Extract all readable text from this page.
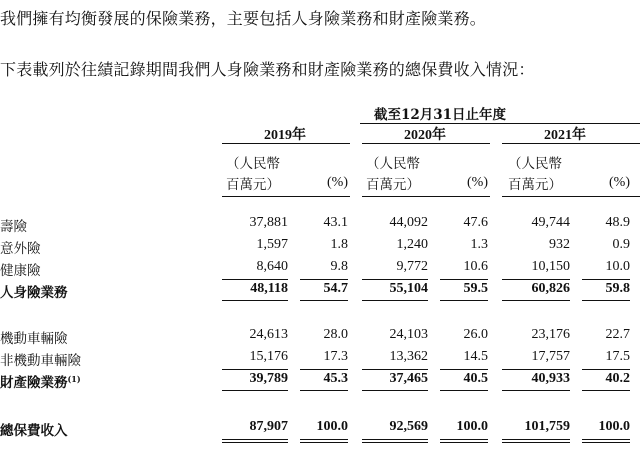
我們擁有均衡發展的保險業務，主要包括人身險業務和財產險業務。
下表載列於往績記錄期間我們人身險業務和財產險業務的總保費收入情況：
截至12月31日止年度
2019年	2020年	2021年
（人民幣
百萬元）	(%)
（人民幣
百萬元）	(%)
（人民幣
百萬元）	(%)
壽險	37,881	43.1	44,092	47.6	49,744	48.9
意外險	1,597	1.8	1,240	1.3	932	0.9
健康險	8,640	9.8	9,772	10.6	10,150	10.0
人身險業務	48,118	54.7	55,104	59.5	60,826	59.8
機動車輛險	24,613	28.0	24,103	26.0	23,176	22.7
非機動車輛險	15,176	17.3	13,362	14.5	17,757	17.5
財產險業務$^{(1)}$	39,789	45.3	37,465	40.5	40,933	40.2
總保費收入	87,907	100.0	92,569	100.0	101,759	100.0
